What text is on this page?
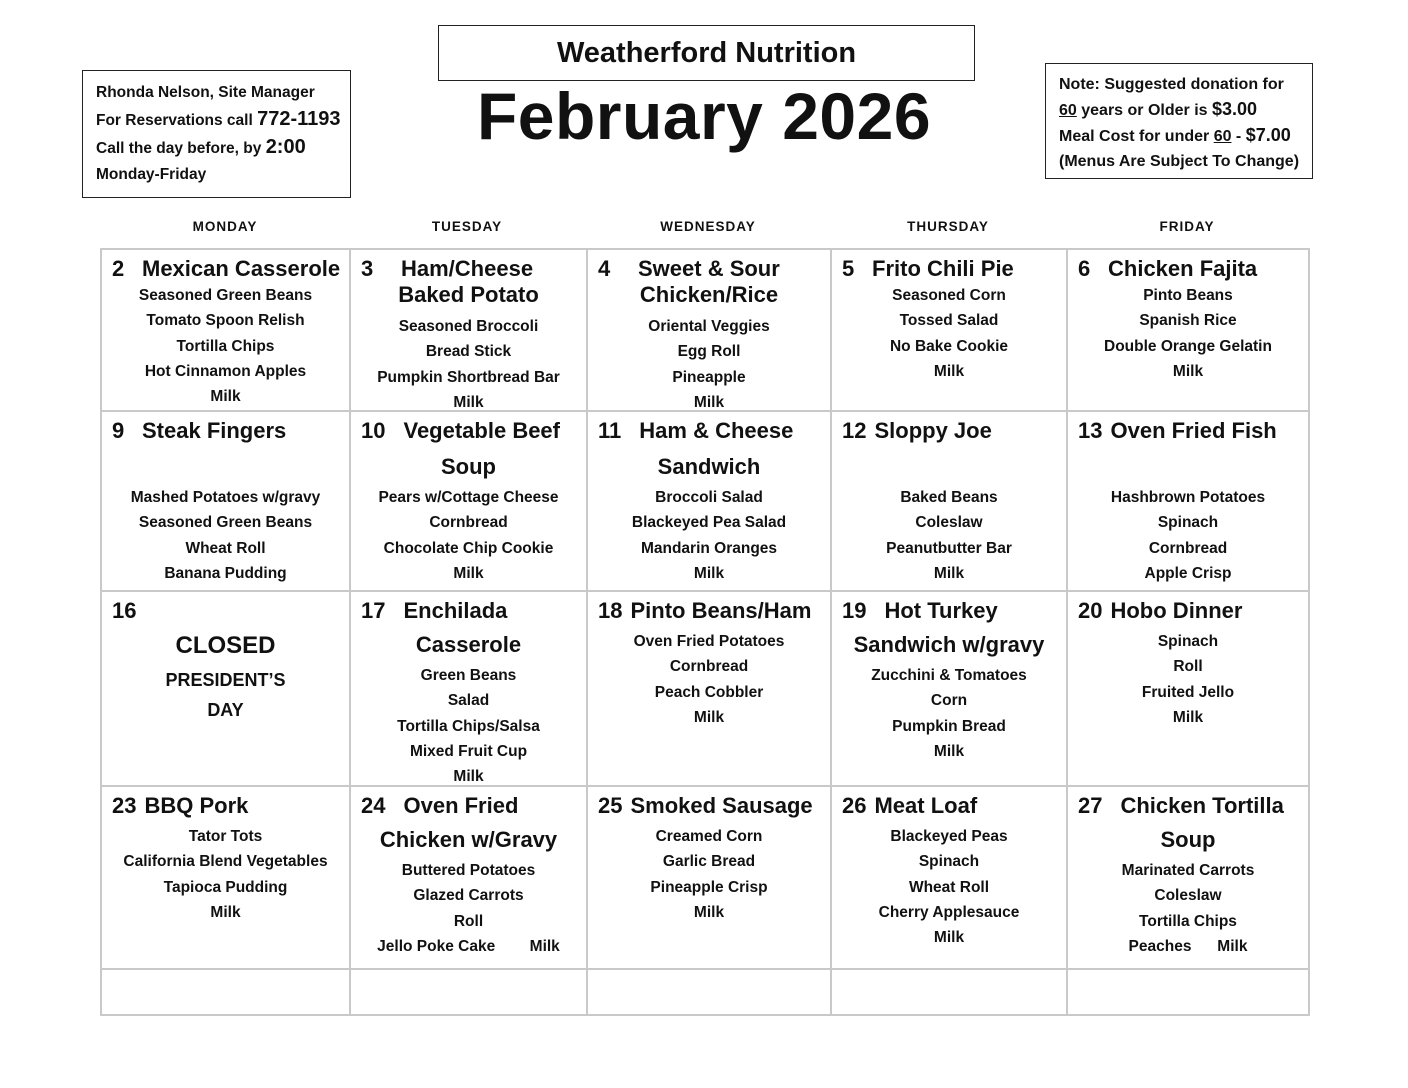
Rhonda Nelson, Site Manager
For Reservations call 772-1193
Call the day before, by 2:00
Monday-Friday
Weatherford Nutrition
February 2026	Note: Suggested donation for
60 years or Older is $3.00
Meal Cost for under 60 - $7.00
(Menus Are Subject To Change)
MONDAY	TUESDAY	WEDNESDAY	THURSDAY	FRIDAY
2 Mexican Casserole
Seasoned Green Beans
Tomato Spoon Relish
Tortilla Chips
Hot Cinnamon Apples
Milk
3 Ham/Cheese
Baked Potato
Seasoned Broccoli
Bread Stick
Pumpkin Shortbread Bar
Milk
4 Sweet & Sour
Chicken/Rice
Oriental Veggies
Egg Roll
Pineapple
Milk
5 Frito Chili Pie
Seasoned Corn
Tossed Salad
No Bake Cookie
Milk
6 Chicken Fajita
Pinto Beans
Spanish Rice
Double Orange Gelatin
Milk
9 Steak Fingers
Mashed Potatoes w/gravy
Seasoned Green Beans
Wheat Roll
Banana Pudding
10 Vegetable Beef
Soup
Pears w/Cottage Cheese
Cornbread
Chocolate Chip Cookie
Milk
11 Ham & Cheese
Sandwich
Broccoli Salad
Blackeyed Pea Salad
Mandarin Oranges
Milk
12 Sloppy Joe
Baked Beans
Coleslaw
Peanutbutter Bar
Milk
13 Oven Fried Fish
Hashbrown Potatoes
Spinach
Cornbread
Apple Crisp
16
CLOSED
PRESIDENT’S
DAY
17 Enchilada
Casserole
Green Beans
Salad
Tortilla Chips/Salsa
Mixed Fruit Cup
Milk
18 Pinto Beans/Ham
Oven Fried Potatoes
Cornbread
Peach Cobbler
Milk
19 Hot Turkey
Sandwich w/gravy
Zucchini & Tomatoes
Corn
Pumpkin Bread
Milk
20 Hobo Dinner
Spinach
Roll
Fruited Jello
Milk
23 BBQ Pork
Tator Tots
California Blend Vegetables
Tapioca Pudding
Milk
24 Oven Fried
Chicken w/Gravy
Buttered Potatoes
Glazed Carrots
Roll
Jello Poke Cake        Milk
25 Smoked Sausage
Creamed Corn
Garlic Bread
Pineapple Crisp
Milk
26 Meat Loaf
Blackeyed Peas
Spinach
Wheat Roll
Cherry Applesauce
Milk
27 Chicken Tortilla
Soup
Marinated Carrots
Coleslaw
Tortilla Chips
Peaches      Milk
